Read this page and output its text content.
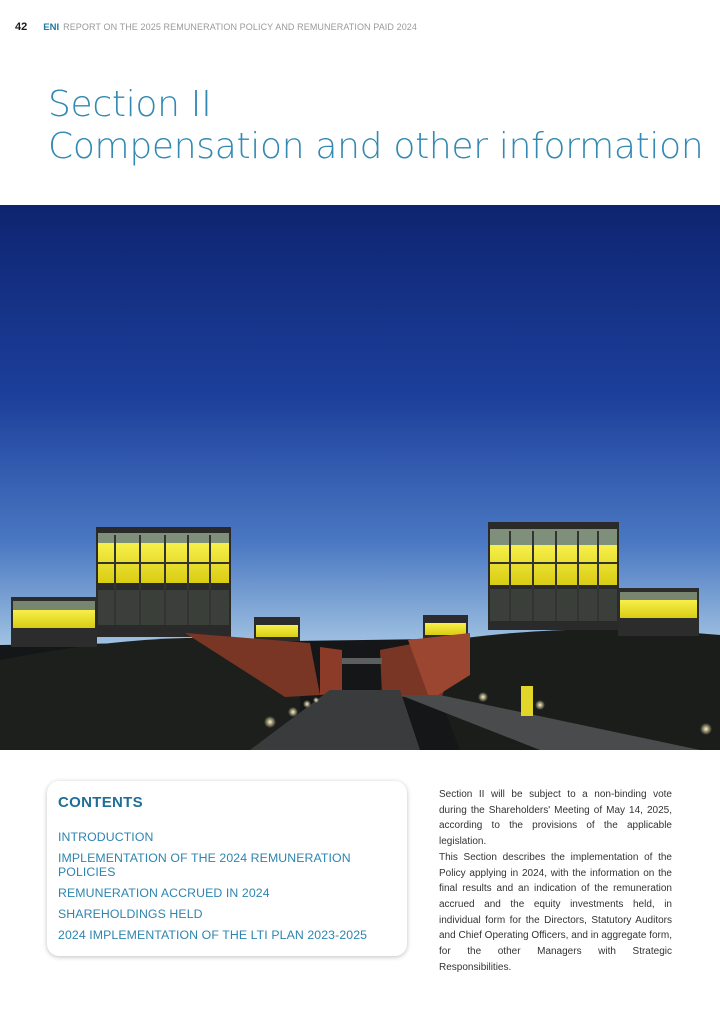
42 ENI REPORT ON THE 2025 REMUNERATION POLICY AND REMUNERATION PAID 2024
Section II
Compensation and other information
CONTENTS
INTRODUCTION
IMPLEMENTATION OF THE 2024 REMUNERATION POLICIES
REMUNERATION ACCRUED IN 2024
SHAREHOLDINGS HELD
2024 IMPLEMENTATION OF THE LTI PLAN 2023-2025

Section II will be subject to a non-binding vote during the Shareholders' Meeting of May 14, 2025, according to the provisions of the applicable legislation.

This Section describes the implementation of the Policy applying in 2024, with the information on the final results and an indication of the remuneration accrued and the equity investments held, in individual form for the Directors, Statutory Auditors and Chief Operating Officers, and in aggregate form, for the other Managers with Strategic Responsibilities.
